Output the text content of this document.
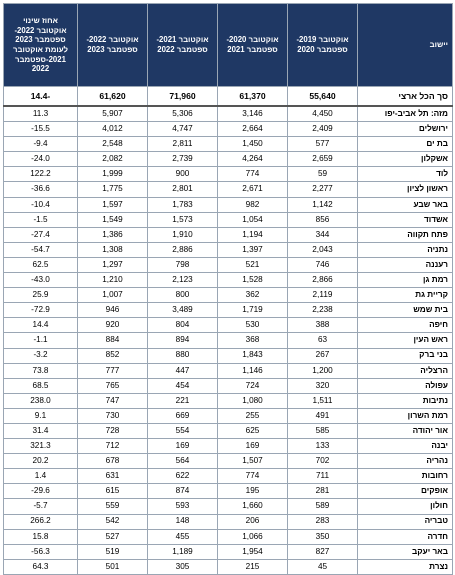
יישוב	אוקטובר 2019- ספטמבר 2020	אוקטובר 2020- ספטמבר 2021	אוקטובר 2021- ספטמבר 2022	אוקטובר 2022- ספטמבר 2023	אחוז שינוי אוקטובר 2022-ספטמבר 2023 לעומת אוקטובר 2021-ספטמבר 2022
סך הכל ארצי	55,640	61,370	71,960	61,620	-14.4
מזה: תל אביב-יפו	4,450	3,146	5,306	5,907	11.3
ירושלים	2,409	2,664	4,747	4,012	15.5-
בת ים	577	1,450	2,811	2,548	9.4-
אשקלון	2,659	4,264	2,739	2,082	24.0-
לוד	59	774	900	1,999	122.2
ראשון לציון	2,277	2,671	2,801	1,775	36.6-
באר שבע	1,142	982	1,783	1,597	10.4-
אשדוד	856	1,054	1,573	1,549	1.5-
פתח תקווה	344	1,194	1,910	1,386	27.4-
נתניה	2,043	1,397	2,886	1,308	54.7-
רעננה	746	521	798	1,297	62.5
רמת גן	2,866	1,528	2,123	1,210	43.0-
קריית גת	2,119	362	800	1,007	25.9
בית שמש	2,238	1,719	3,489	946	72.9-
חיפה	388	530	804	920	14.4
ראש העין	63	368	894	884	1.1-
בני ברק	267	1,843	880	852	3.2-
הרצליה	1,200	1,146	447	777	73.8
עפולה	320	724	454	765	68.5
נתיבות	1,511	1,080	221	747	238.0
רמת השרון	491	255	669	730	9.1
אור יהודה	585	625	554	728	31.4
יבנה	133	169	169	712	321.3
נהריה	702	1,507	564	678	20.2
רחובות	711	774	622	631	1.4
אופקים	281	195	874	615	29.6-
חולון	589	1,660	593	559	5.7-
טבריה	283	206	148	542	266.2
חדרה	350	1,066	455	527	15.8
באר יעקב	827	1,954	1,189	519	56.3-
נצרת	45	215	305	501	64.3
